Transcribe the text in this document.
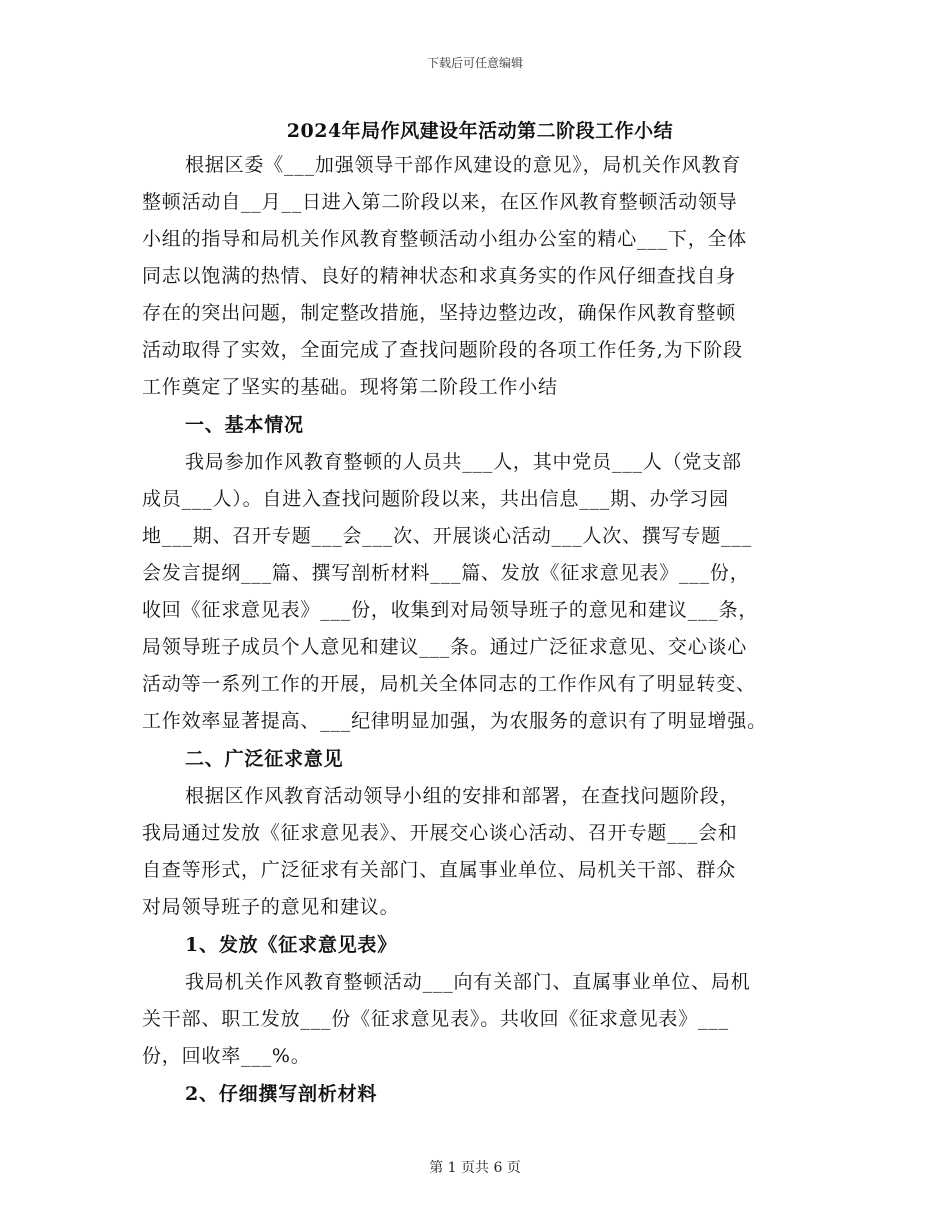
下载后可任意编辑
2024年局作风建设年活动第二阶段工作小结
根据区委《___加强领导干部作风建设的意见》，局机关作风教育
整顿活动自__月__日进入第二阶段以来，在区作风教育整顿活动领导
小组的指导和局机关作风教育整顿活动小组办公室的精心___下，全体
同志以饱满的热情、良好的精神状态和求真务实的作风仔细查找自身
存在的突出问题，制定整改措施，坚持边整边改，确保作风教育整顿
活动取得了实效，全面完成了查找问题阶段的各项工作任务,为下阶段
工作奠定了坚实的基础。现将第二阶段工作小结
一、基本情况
我局参加作风教育整顿的人员共___人，其中党员___人（党支部
成员___人）。自进入查找问题阶段以来，共出信息___期、办学习园
地___期、召开专题___会___次、开展谈心活动___人次、撰写专题___
会发言提纲___篇、撰写剖析材料___篇、发放《征求意见表》___份，
收回《征求意见表》___份，收集到对局领导班子的意见和建议___条，
局领导班子成员个人意见和建议___条。通过广泛征求意见、交心谈心
活动等一系列工作的开展，局机关全体同志的工作作风有了明显转变、
工作效率显著提高、___纪律明显加强，为农服务的意识有了明显增强。
二、广泛征求意见
根据区作风教育活动领导小组的安排和部署，在查找问题阶段，
我局通过发放《征求意见表》、开展交心谈心活动、召开专题___会和
自查等形式，广泛征求有关部门、直属事业单位、局机关干部、群众
对局领导班子的意见和建议。
1、发放《征求意见表》
我局机关作风教育整顿活动___向有关部门、直属事业单位、局机
关干部、职工发放___份《征求意见表》。共收回《征求意见表》___
份，回收率___%。
2、仔细撰写剖析材料
第 1 页共 6 页
